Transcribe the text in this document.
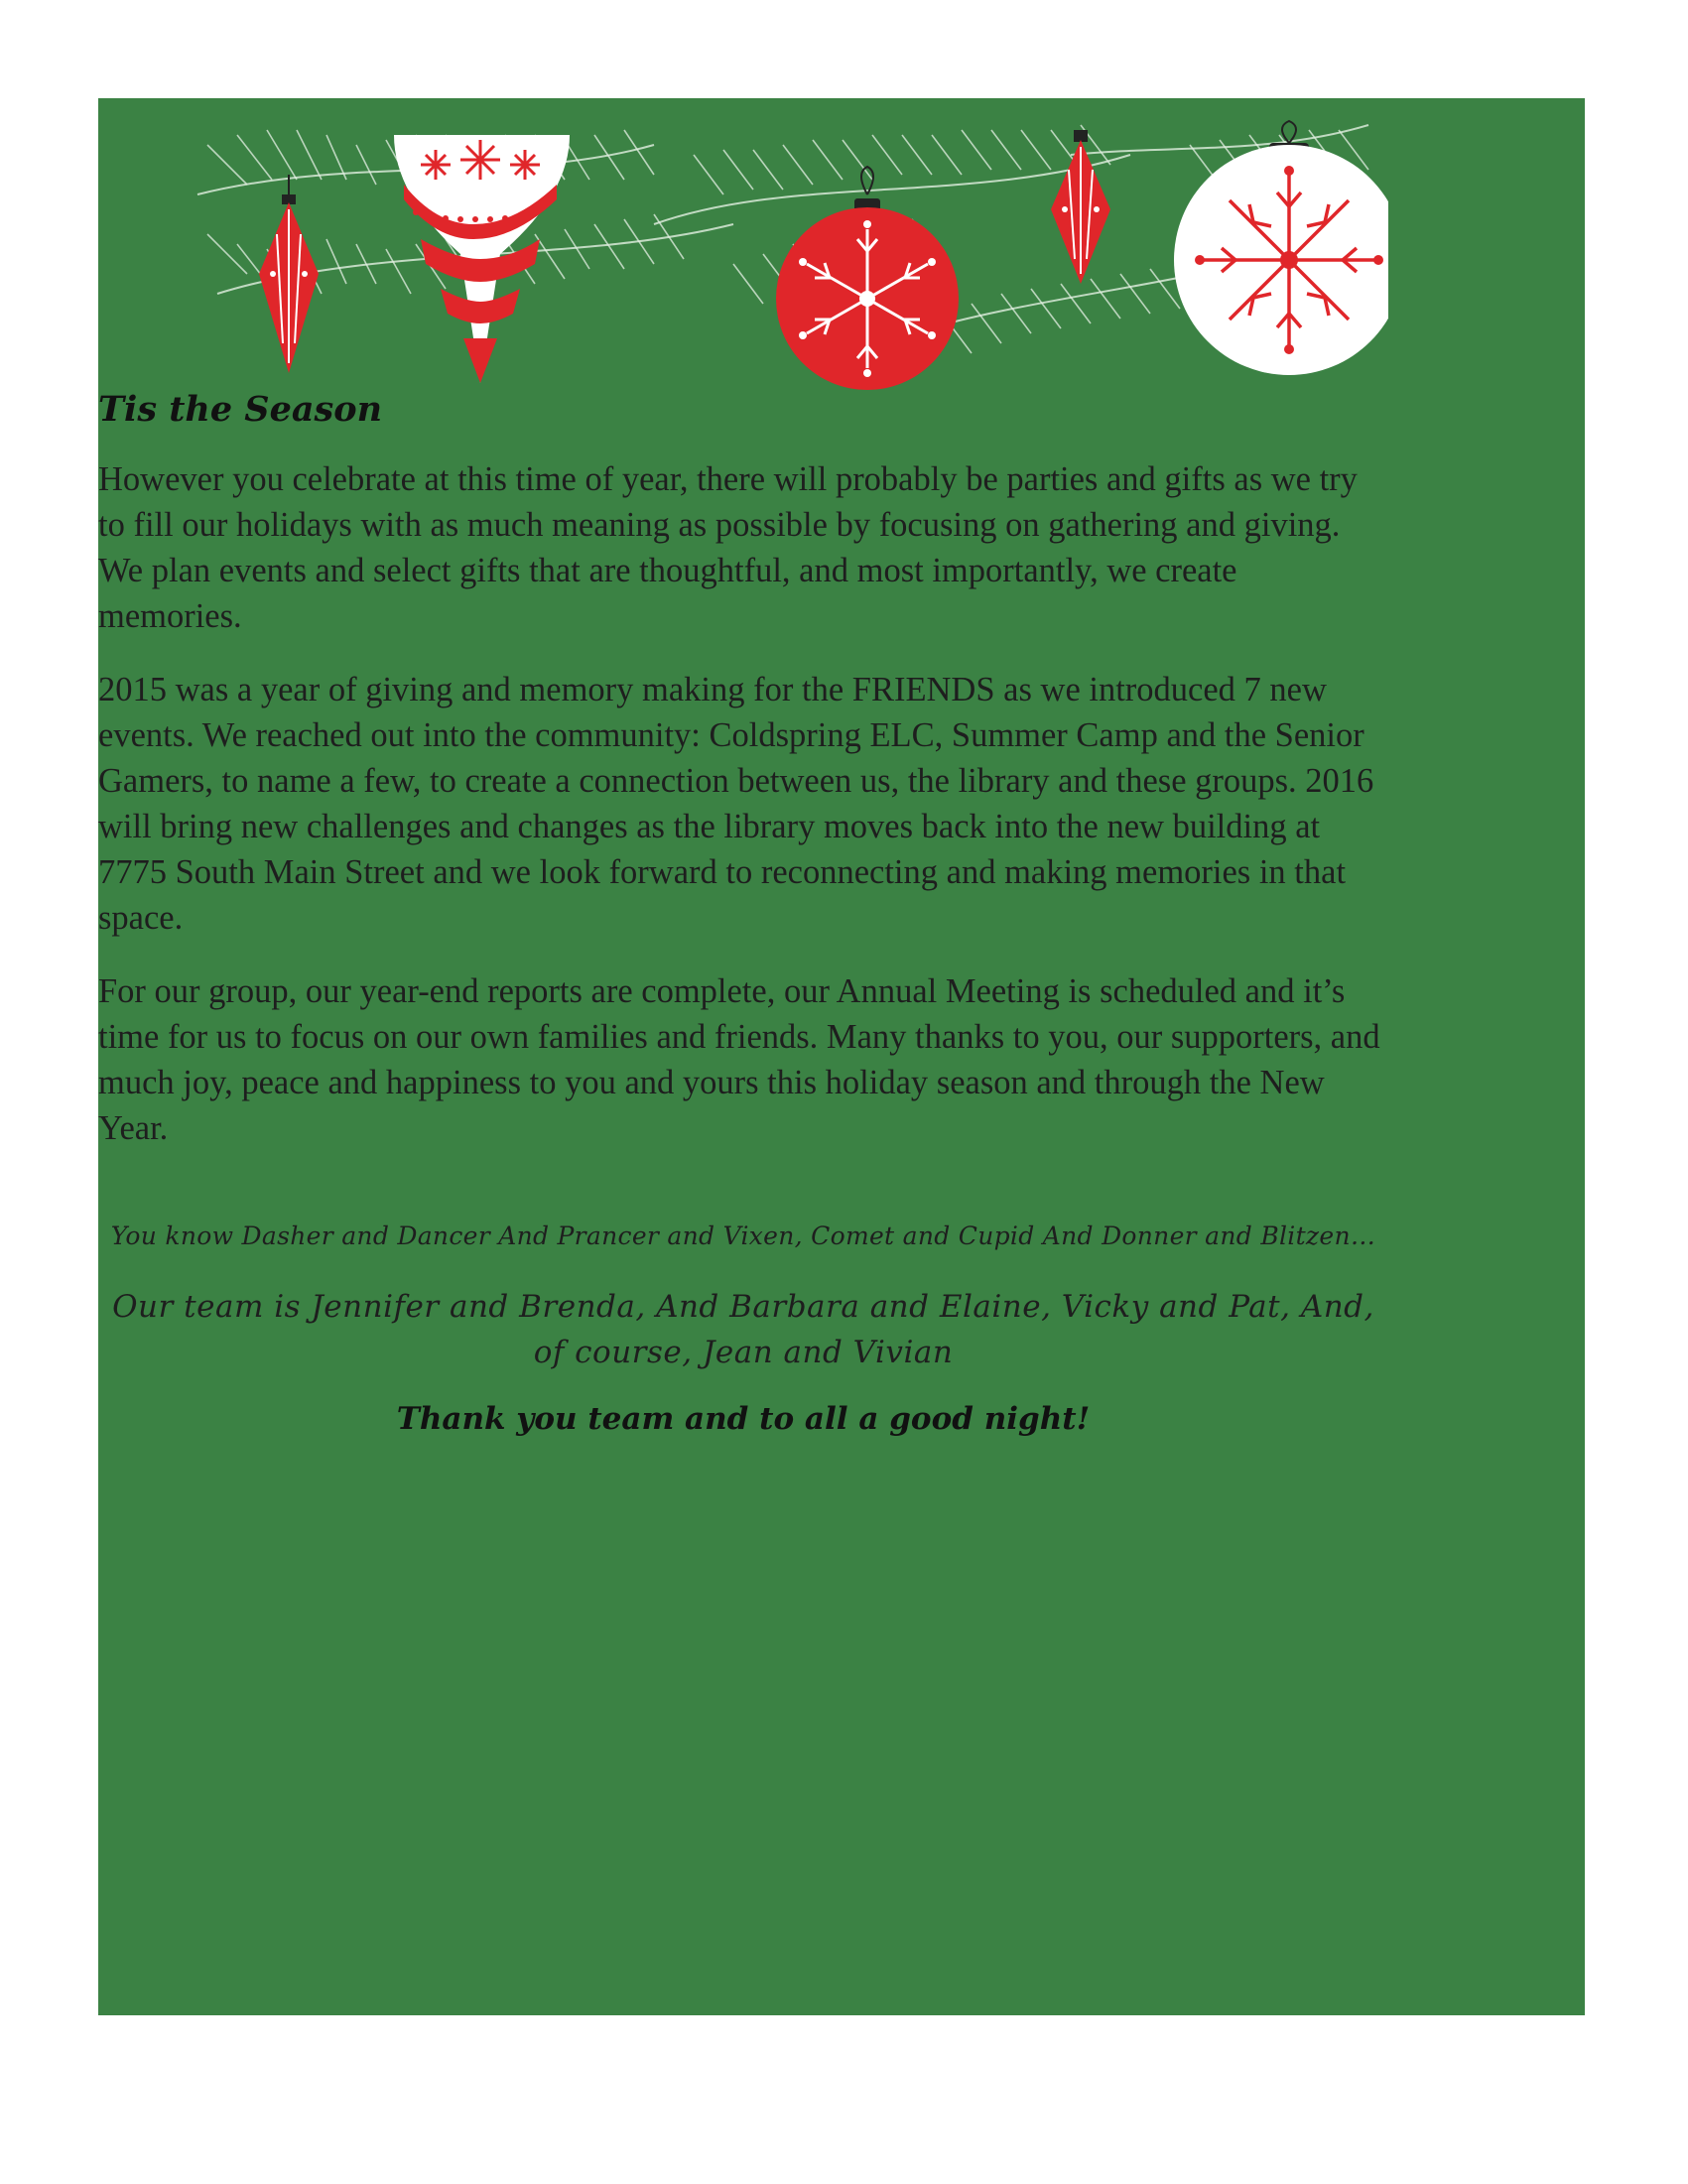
Tis the Season

However you celebrate at this time of year, there will probably be parties and gifts as we try to fill our holidays with as much meaning as possible by focusing on gathering and giving. We plan events and select gifts that are thoughtful, and most importantly, we create memories.

2015 was a year of giving and memory making for the FRIENDS as we introduced 7 new events. We reached out into the community: Coldspring ELC, Summer Camp and the Senior Gamers, to name a few, to create a connection between us, the library and these groups. 2016 will bring new challenges and changes as the library moves back into the new building at 7775 South Main Street and we look forward to reconnecting and making memories in that space.

For our group, our year-end reports are complete, our Annual Meeting is scheduled and it’s time for us to focus on our own families and friends. Many thanks to you, our supporters, and much joy, peace and happiness to you and yours this holiday season and through the New Year.

You know Dasher and Dancer And Prancer and Vixen, Comet and Cupid And Donner and Blitzen…

Our team is Jennifer and Brenda, And Barbara and Elaine, Vicky and Pat, And, of course, Jean and Vivian

Thank you team and to all a good night!
